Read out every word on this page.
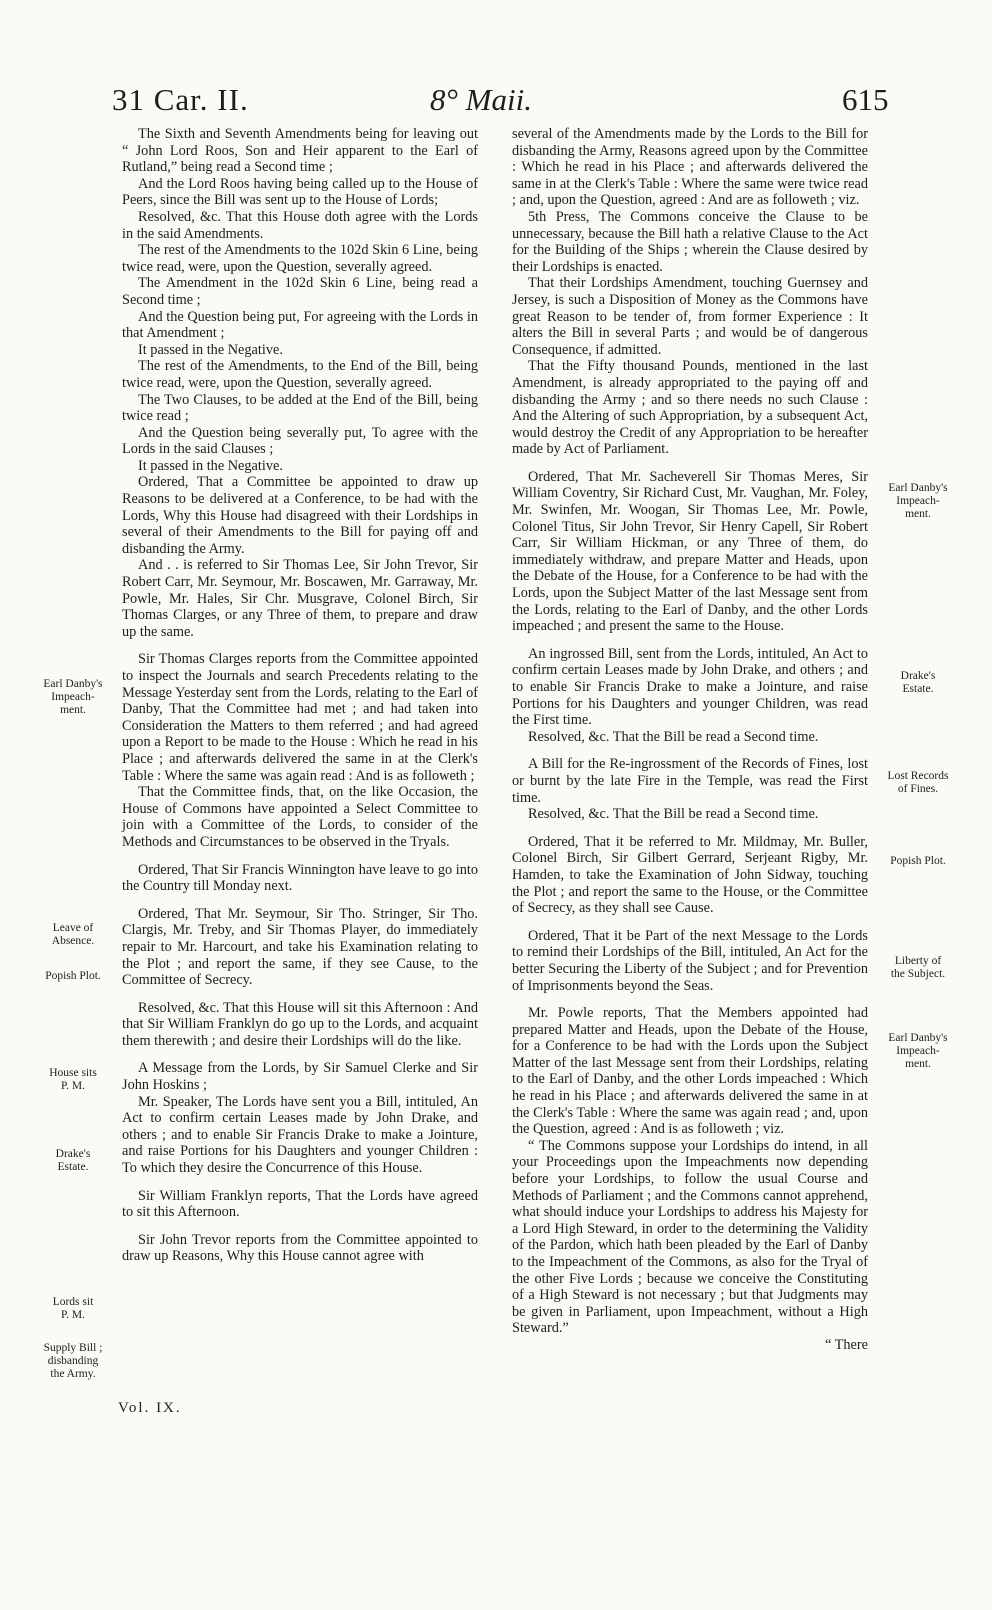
31 Car. II.	8° Maii.	615

The Sixth and Seventh Amendments being for leaving out “ John Lord Roos, Son and Heir apparent to the Earl of Rutland,” being read a Second time ;

And the Lord Roos having being called up to the House of Peers, since the Bill was sent up to the House of Lords;

Resolved, &c. That this House doth agree with the Lords in the said Amendments.

The rest of the Amendments to the 102d Skin 6 Line, being twice read, were, upon the Question, severally agreed.

The Amendment in the 102d Skin 6 Line, being read a Second time ;

And the Question being put, For agreeing with the Lords in that Amendment ;

It passed in the Negative.

The rest of the Amendments, to the End of the Bill, being twice read, were, upon the Question, severally agreed.

The Two Clauses, to be added at the End of the Bill, being twice read ;

And the Question being severally put, To agree with the Lords in the said Clauses ;

It passed in the Negative.

Ordered, That a Committee be appointed to draw up Reasons to be delivered at a Conference, to be had with the Lords, Why this House had disagreed with their Lordships in several of their Amendments to the Bill for paying off and disbanding the Army.

And . . is referred to Sir Thomas Lee, Sir John Trevor, Sir Robert Carr, Mr. Seymour, Mr. Boscawen, Mr. Garraway, Mr. Powle, Mr. Hales, Sir Chr. Musgrave, Colonel Birch, Sir Thomas Clarges, or any Three of them, to prepare and draw up the same.

Sir Thomas Clarges reports from the Committee appointed to inspect the Journals and search Precedents relating to the Message Yesterday sent from the Lords, relating to the Earl of Danby, That the Committee had met ; and had taken into Consideration the Matters to them referred ; and had agreed upon a Report to be made to the House : Which he read in his Place ; and afterwards delivered the same in at the Clerk's Table : Where the same was again read : And is as followeth ;

That the Committee finds, that, on the like Occasion, the House of Commons have appointed a Select Committee to join with a Committee of the Lords, to consider of the Methods and Circumstances to be observed in the Tryals.

Ordered, That Sir Francis Winnington have leave to go into the Country till Monday next.

Ordered, That Mr. Seymour, Sir Tho. Stringer, Sir Tho. Clargis, Mr. Treby, and Sir Thomas Player, do immediately repair to Mr. Harcourt, and take his Examination relating to the Plot ; and report the same, if they see Cause, to the Committee of Secrecy.

Resolved, &c. That this House will sit this Afternoon : And that Sir William Franklyn do go up to the Lords, and acquaint them therewith ; and desire their Lordships will do the like.

A Message from the Lords, by Sir Samuel Clerke and Sir John Hoskins ;

Mr. Speaker, The Lords have sent you a Bill, intituled, An Act to confirm certain Leases made by John Drake, and others ; and to enable Sir Francis Drake to make a Jointure, and raise Portions for his Daughters and younger Children : To which they desire the Concurrence of this House.

Sir William Franklyn reports, That the Lords have agreed to sit this Afternoon.

Sir John Trevor reports from the Committee appointed to draw up Reasons, Why this House cannot agree with

several of the Amendments made by the Lords to the Bill for disbanding the Army, Reasons agreed upon by the Committee : Which he read in his Place ; and afterwards delivered the same in at the Clerk's Table : Where the same were twice read ; and, upon the Question, agreed : And are as followeth ; viz.

5th Press, The Commons conceive the Clause to be unnecessary, because the Bill hath a relative Clause to the Act for the Building of the Ships ; wherein the Clause desired by their Lordships is enacted.

That their Lordships Amendment, touching Guernsey and Jersey, is such a Disposition of Money as the Commons have great Reason to be tender of, from former Experience : It alters the Bill in several Parts ; and would be of dangerous Consequence, if admitted.

That the Fifty thousand Pounds, mentioned in the last Amendment, is already appropriated to the paying off and disbanding the Army ; and so there needs no such Clause : And the Altering of such Appropriation, by a subsequent Act, would destroy the Credit of any Appropriation to be hereafter made by Act of Parliament.

Ordered, That Mr. Sacheverell Sir Thomas Meres, Sir William Coventry, Sir Richard Cust, Mr. Vaughan, Mr. Foley, Mr. Swinfen, Mr. Woogan, Sir Thomas Lee, Mr. Powle, Colonel Titus, Sir John Trevor, Sir Henry Capell, Sir Robert Carr, Sir William Hickman, or any Three of them, do immediately withdraw, and prepare Matter and Heads, upon the Debate of the House, for a Conference to be had with the Lords, upon the Subject Matter of the last Message sent from the Lords, relating to the Earl of Danby, and the other Lords impeached ; and present the same to the House.

An ingrossed Bill, sent from the Lords, intituled, An Act to confirm certain Leases made by John Drake, and others ; and to enable Sir Francis Drake to make a Jointure, and raise Portions for his Daughters and younger Children, was read the First time.

Resolved, &c. That the Bill be read a Second time.

A Bill for the Re-ingrossment of the Records of Fines, lost or burnt by the late Fire in the Temple, was read the First time.

Resolved, &c. That the Bill be read a Second time.

Ordered, That it be referred to Mr. Mildmay, Mr. Buller, Colonel Birch, Sir Gilbert Gerrard, Serjeant Rigby, Mr. Hamden, to take the Examination of John Sidway, touching the Plot ; and report the same to the House, or the Committee of Secrecy, as they shall see Cause.

Ordered, That it be Part of the next Message to the Lords to remind their Lordships of the Bill, intituled, An Act for the better Securing the Liberty of the Subject ; and for Prevention of Imprisonments beyond the Seas.

Mr. Powle reports, That the Members appointed had prepared Matter and Heads, upon the Debate of the House, for a Conference to be had with the Lords upon the Subject Matter of the last Message sent from their Lordships, relating to the Earl of Danby, and the other Lords impeached : Which he read in his Place ; and afterwards delivered the same in at the Clerk's Table : Where the same was again read ; and, upon the Question, agreed : And is as followeth ; viz.

“ The Commons suppose your Lordships do intend, in all your Proceedings upon the Impeachments now depending before your Lordships, to follow the usual Course and Methods of Parliament ; and the Commons cannot apprehend, what should induce your Lordships to address his Majesty for a Lord High Steward, in order to the determining the Validity of the Pardon, which hath been pleaded by the Earl of Danby to the Impeachment of the Commons, as also for the Tryal of the other Five Lords ; because we conceive the Constituting of a High Steward is not necessary ; but that Judgments may be given in Parliament, upon Impeachment, without a High Steward.”

“ There

Earl Danby's
Impeach-
ment.
Leave of
Absence.
Popish Plot.
House sits
P. M.
Drake's
Estate.
Lords sit
P. M.
Supply Bill ;
disbanding
the Army.
Earl Danby's
Impeach-
ment.
Drake's
Estate.
Lost Records
of Fines.
Popish Plot.
Liberty of
the Subject.
Earl Danby's
Impeach-
ment.
Vol. IX.
